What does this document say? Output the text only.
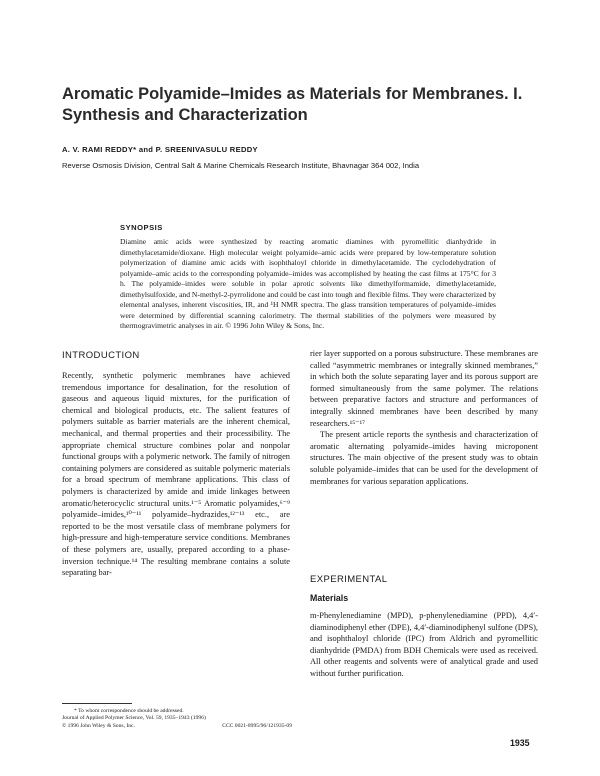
Aromatic Polyamide–Imides as Materials for Membranes. I. Synthesis and Characterization
A. V. RAMI REDDY* and P. SREENIVASULU REDDY
Reverse Osmosis Division, Central Salt & Marine Chemicals Research Institute, Bhavnagar 364 002, India
SYNOPSIS
Diamine amic acids were synthesized by reacting aromatic diamines with pyromellitic dianhydride in dimethylacetamide/dioxane. High molecular weight polyamide–amic acids were prepared by low-temperature solution polymerization of diamine amic acids with isophthaloyl chloride in dimethylacetamide. The cyclodehydration of polyamide–amic acids to the corresponding polyamide–imides was accomplished by heating the cast films at 175°C for 3 h. The polyamide–imides were soluble in polar aprotic solvents like dimethylformamide, dimethylacetamide, dimethylsulfoxide, and N-methyl-2-pyrrolidone and could be cast into tough and flexible films. They were characterized by elemental analyses, inherent viscosities, IR, and ¹H NMR spectra. The glass transition temperatures of polyamide–imides were determined by differential scanning calorimetry. The thermal stabilities of the polymers were measured by thermogravimetric analyses in air. © 1996 John Wiley & Sons, Inc.
INTRODUCTION

Recently, synthetic polymeric membranes have achieved tremendous importance for desalination, for the resolution of gaseous and aqueous liquid mixtures, for the purification of chemical and biological products, etc. The salient features of polymers suitable as barrier materials are the inherent chemical, mechanical, and thermal properties and their processibility. The appropriate chemical structure combines polar and nonpolar functional groups with a polymeric network. The family of nitrogen containing polymers are considered as suitable polymeric materials for a broad spectrum of membrane applications. This class of polymers is characterized by amide and imide linkages between aromatic/heterocyclic structural units.¹⁻⁵ Aromatic polyamides,⁶⁻⁹ polyamide–imides,¹⁰⁻¹¹ polyamide–hydrazides,¹²⁻¹³ etc., are reported to be the most versatile class of membrane polymers for high-pressure and high-temperature service conditions. Membranes of these polymers are, usually, prepared according to a phase-inversion technique.¹⁴ The resulting membrane contains a solute separating bar-

* To whom correspondence should be addressed.
Journal of Applied Polymer Science, Vol. 59, 1935–1943 (1996)
© 1996 John Wiley & Sons, Inc.	CCC 0021-8995/96/121935-09

rier layer supported on a porous substructure. These membranes are called “asymmetric membranes or integrally skinned membranes,” in which both the solute separating layer and its porous support are formed simultaneously from the same polymer. The relations between preparative factors and structure and performances of integrally skinned membranes have been described by many researchers.¹⁵⁻¹⁷

The present article reports the synthesis and characterization of aromatic alternating polyamide–imides having microponent structures. The main objective of the present study was to obtain soluble polyamide–imides that can be used for the development of membranes for various separation applications.

EXPERIMENTAL
Materials

m-Phenylenediamine (MPD), p-phenylenediamine (PPD), 4,4′-diaminodiphenyl ether (DPE), 4,4′-diaminodiphenyl sulfone (DPS), and isophthaloyl chloride (IPC) from Aldrich and pyromellitic dianhydride (PMDA) from BDH Chemicals were used as received. All other reagents and solvents were of analytical grade and used without further purification.

1935
